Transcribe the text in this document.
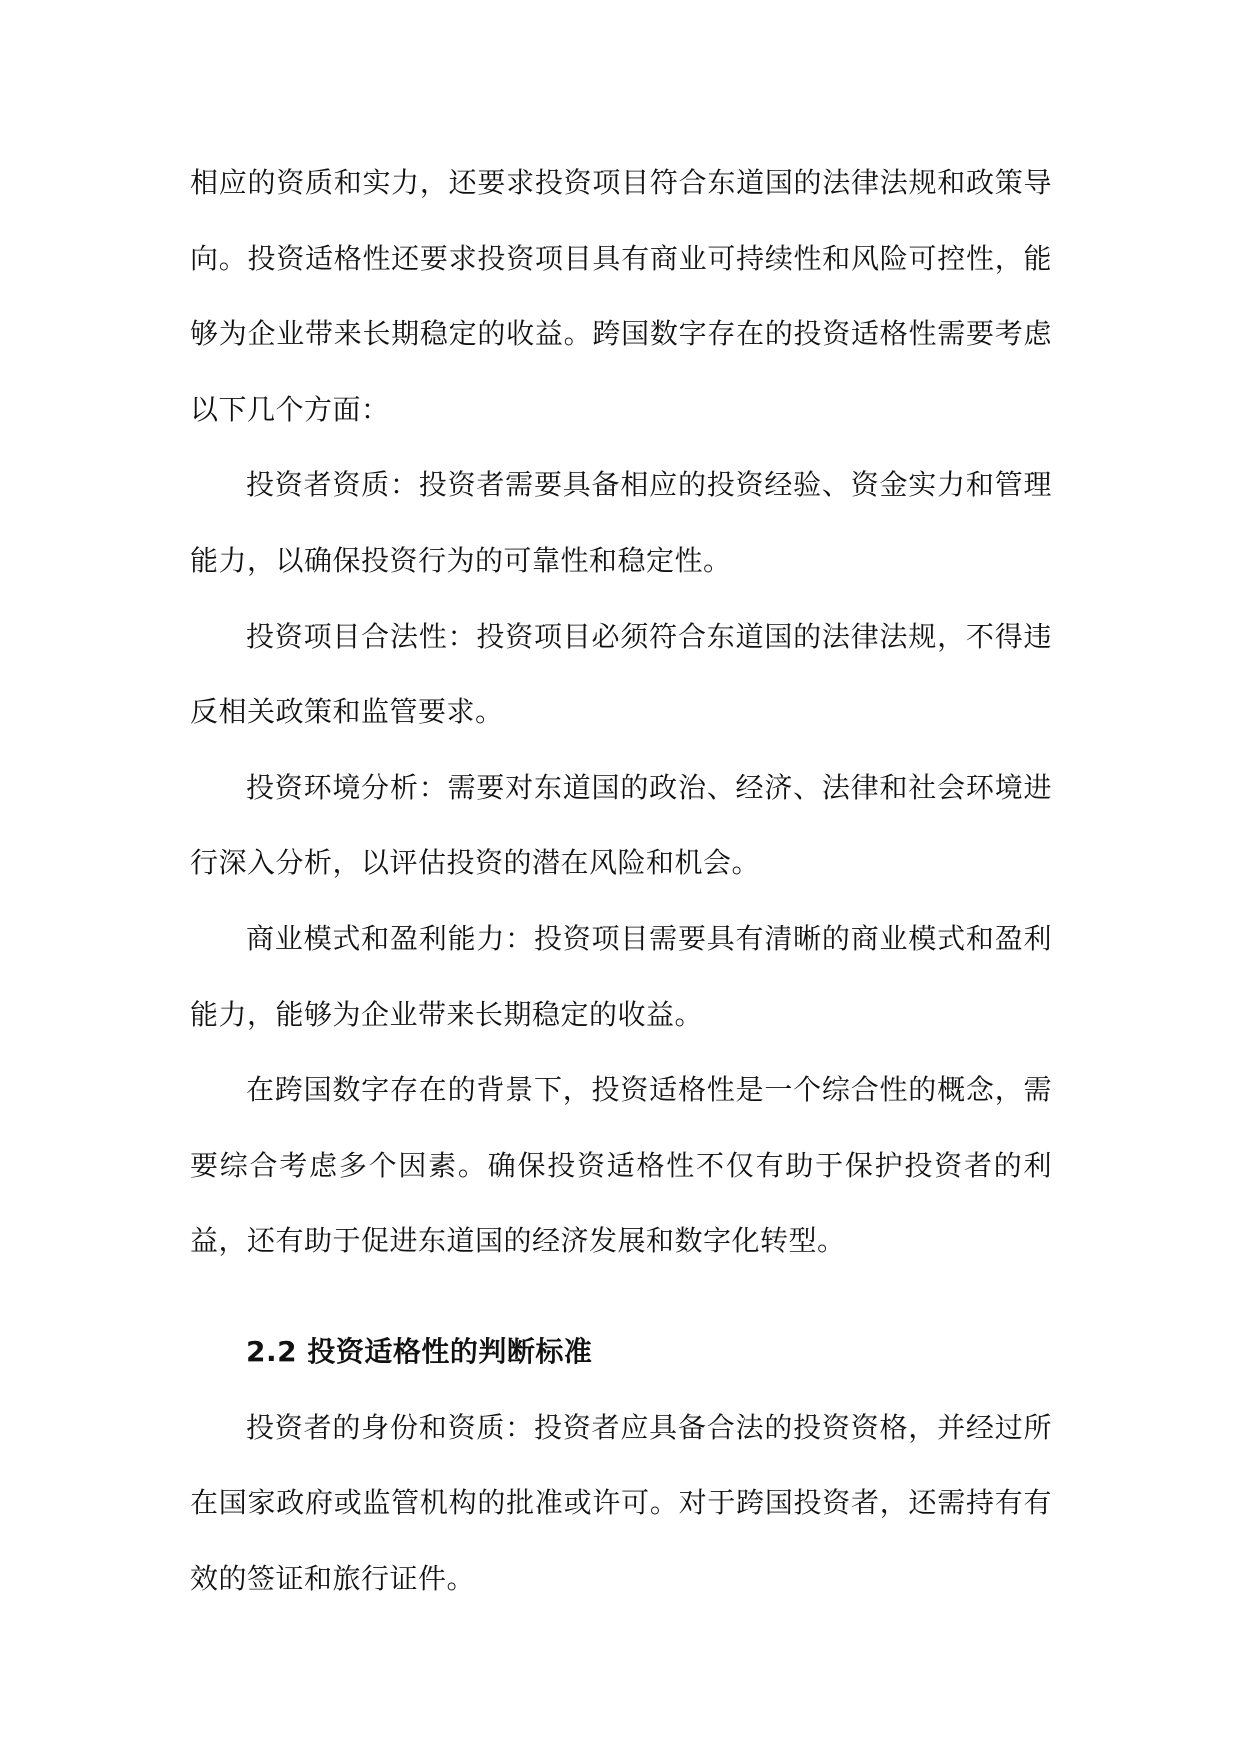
相应的资质和实力，还要求投资项目符合东道国的法律法规和政策导向。投资适格性还要求投资项目具有商业可持续性和风险可控性，能够为企业带来长期稳定的收益。跨国数字存在的投资适格性需要考虑以下几个方面：

投资者资质：投资者需要具备相应的投资经验、资金实力和管理能力，以确保投资行为的可靠性和稳定性。

投资项目合法性：投资项目必须符合东道国的法律法规，不得违反相关政策和监管要求。

投资环境分析：需要对东道国的政治、经济、法律和社会环境进行深入分析，以评估投资的潜在风险和机会。

商业模式和盈利能力：投资项目需要具有清晰的商业模式和盈利能力，能够为企业带来长期稳定的收益。

在跨国数字存在的背景下，投资适格性是一个综合性的概念，需要综合考虑多个因素。确保投资适格性不仅有助于保护投资者的利益，还有助于促进东道国的经济发展和数字化转型。

2.2 投资适格性的判断标准

投资者的身份和资质：投资者应具备合法的投资资格，并经过所在国家政府或监管机构的批准或许可。对于跨国投资者，还需持有有效的签证和旅行证件。
